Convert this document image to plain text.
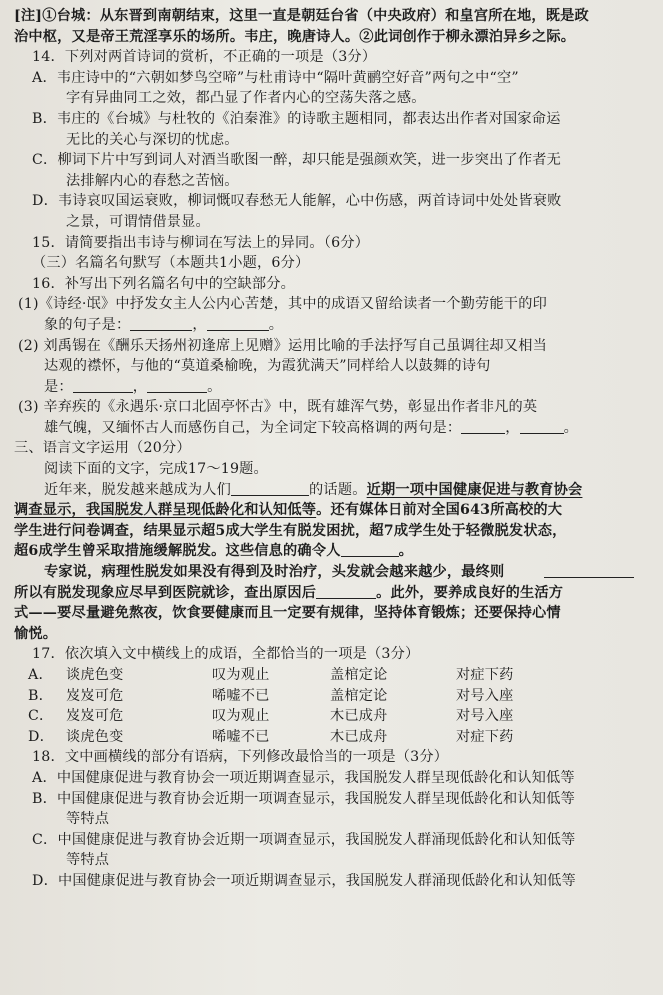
[注]①台城：从东晋到南朝结束，这里一直是朝廷台省（中央政府）和皇宫所在地，既是政
治中枢，又是帝王荒淫享乐的场所。韦庄，晚唐诗人。②此词创作于柳永漂泊异乡之际。
14．下列对两首诗词的赏析，不正确的一项是（3分）
A．韦庄诗中的“六朝如梦鸟空啼”与杜甫诗中“隔叶黄鹂空好音”两句之中“空”
字有异曲同工之效，都凸显了作者内心的空荡失落之感。
B．韦庄的《台城》与杜牧的《泊秦淮》的诗歌主题相同，都表达出作者对国家命运
无比的关心与深切的忧虑。
C．柳词下片中写到词人对酒当歌图一醉，却只能是强颜欢笑，进一步突出了作者无
法排解内心的春愁之苦恼。
D．韦诗哀叹国运衰败，柳词慨叹春愁无人能解，心中伤感，两首诗词中处处皆衰败
之景，可谓情借景显。
15．请简要指出韦诗与柳词在写法上的异同。（6分）
（三）名篇名句默写（本题共1小题，6分）
16．补写出下列名篇名句中的空缺部分。
(1)《诗经·氓》中抒发女主人公内心苦楚，其中的成语又留给读者一个勤劳能干的印
象的句子是：	，	。
(2) 刘禹锡在《酬乐天扬州初逢席上见赠》运用比喻的手法抒写自己虽调往却又相当
达观的襟怀，与他的“莫道桑榆晚，为霞犹满天”同样给人以鼓舞的诗句
是：	，	。
(3) 辛弃疾的《永遇乐·京口北固亭怀古》中，既有雄浑气势，彰显出作者非凡的英
雄气魄，又缅怀古人而感伤自己，为全词定下较高格调的两句是：	，	。
三、语言文字运用（20分）
阅读下面的文字，完成17～19题。
近年来，脱发越来越成为人们	的话题。近期一项中国健康促进与教育协会
调查显示，我国脱发人群呈现低龄化和认知低等。还有媒体日前对全国643所高校的大
学生进行问卷调查，结果显示超5成大学生有脱发困扰，超7成学生处于轻微脱发状态，
超6成学生曾采取措施缓解脱发。这些信息的确令人	。
专家说，病理性脱发如果没有得到及时治疗，头发就会越来越少，最终则
所以有脱发现象应尽早到医院就诊，查出原因后	。此外，要养成良好的生活方
式——要尽量避免熬夜，饮食要健康而且一定要有规律，坚持体育锻炼；还要保持心情
愉悦。
17．依次填入文中横线上的成语，全都恰当的一项是（3分）
A． 谈虎色变	叹为观止	盖棺定论	对症下药
B． 岌岌可危	唏嘘不已	盖棺定论	对号入座
C． 岌岌可危	叹为观止	木已成舟	对号入座
D． 谈虎色变	唏嘘不已	木已成舟	对症下药
18．文中画横线的部分有语病，下列修改最恰当的一项是（3分）
A．中国健康促进与教育协会一项近期调查显示，我国脱发人群呈现低龄化和认知低等
B．中国健康促进与教育协会近期一项调查显示，我国脱发人群呈现低龄化和认知低等
等特点
C．中国健康促进与教育协会近期一项调查显示，我国脱发人群涌现低龄化和认知低等
等特点
D．中国健康促进与教育协会一项近期调查显示，我国脱发人群涌现低龄化和认知低等
